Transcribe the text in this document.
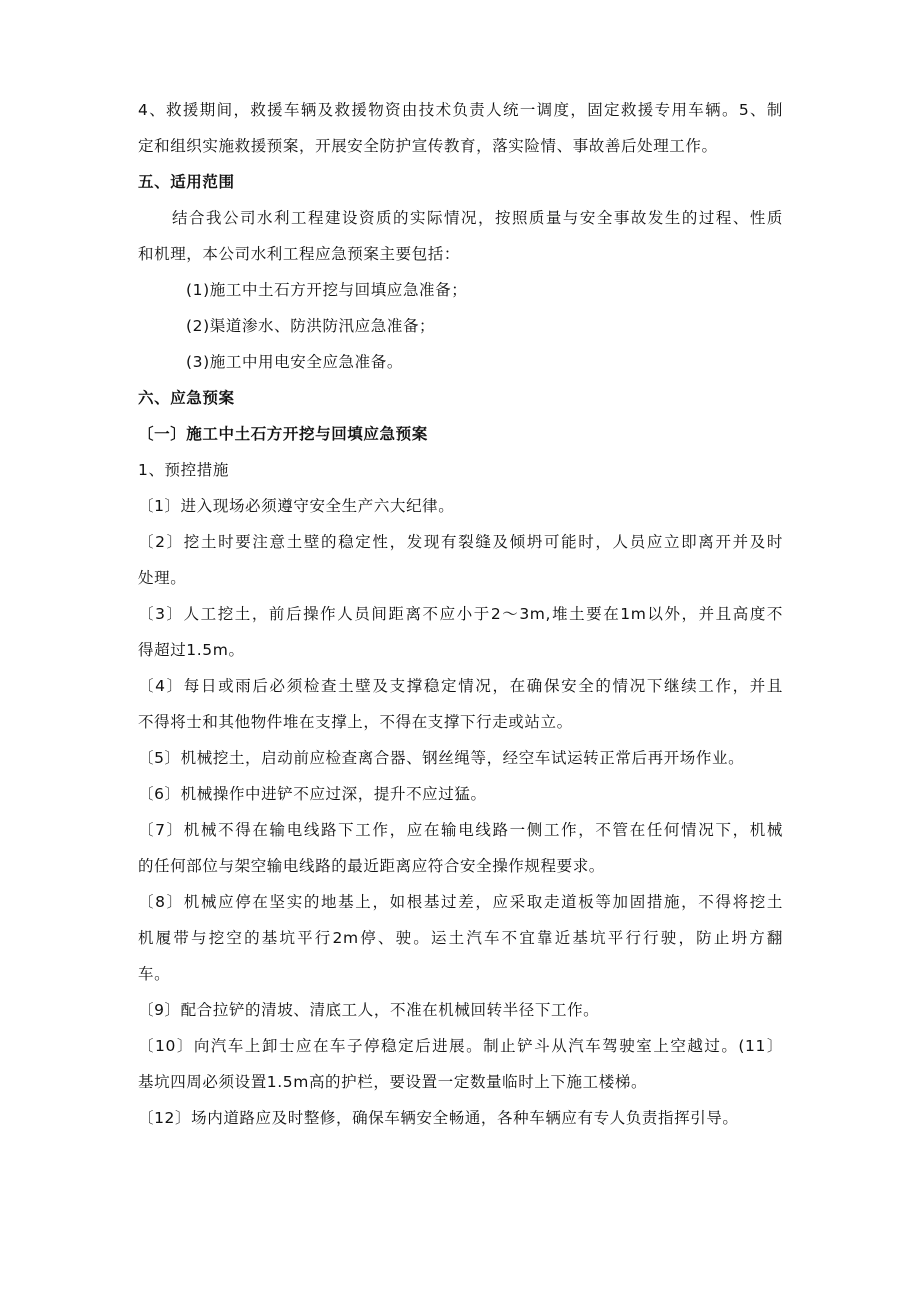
4、救援期间，救援车辆及救援物资由技术负责人统一调度，固定救援专用车辆。5、制
定和组织实施救援预案，开展安全防护宣传教育，落实险情、事故善后处理工作。
五、适用范围
结合我公司水利工程建设资质的实际情况，按照质量与安全事故发生的过程、性质
和机理，本公司水利工程应急预案主要包括：
(1)施工中土石方开挖与回填应急准备；
(2)渠道渗水、防洪防汛应急准备；
(3)施工中用电安全应急准备。
六、应急预案
〔一〕施工中土石方开挖与回填应急预案
1、预控措施
〔1〕进入现场必须遵守安全生产六大纪律。
〔2〕挖土时要注意土壁的稳定性，发现有裂缝及倾坍可能时，人员应立即离开并及时
处理。
〔3〕人工挖土，前后操作人员间距离不应小于2～3m,堆土要在1m以外，并且高度不
得超过1.5m。
〔4〕每日或雨后必须检查土壁及支撑稳定情况，在确保安全的情况下继续工作，并且
不得将士和其他物件堆在支撑上，不得在支撑下行走或站立。
〔5〕机械挖土，启动前应检查离合器、钢丝绳等，经空车试运转正常后再开场作业。
〔6〕机械操作中进铲不应过深，提升不应过猛。
〔7〕机械不得在输电线路下工作，应在输电线路一侧工作，不管在任何情况下，机械
的任何部位与架空输电线路的最近距离应符合安全操作规程要求。
〔8〕机械应停在坚实的地基上，如根基过差，应采取走道板等加固措施，不得将挖土
机履带与挖空的基坑平行2m停、驶。运土汽车不宜靠近基坑平行行驶，防止坍方翻
车。
〔9〕配合拉铲的清坡、清底工人，不准在机械回转半径下工作。
〔10〕向汽车上卸士应在车子停稳定后进展。制止铲斗从汽车驾驶室上空越过。(11〕
基坑四周必须设置1.5m高的护栏，要设置一定数量临时上下施工楼梯。
〔12〕场内道路应及时整修，确保车辆安全畅通，各种车辆应有专人负责指挥引导。
